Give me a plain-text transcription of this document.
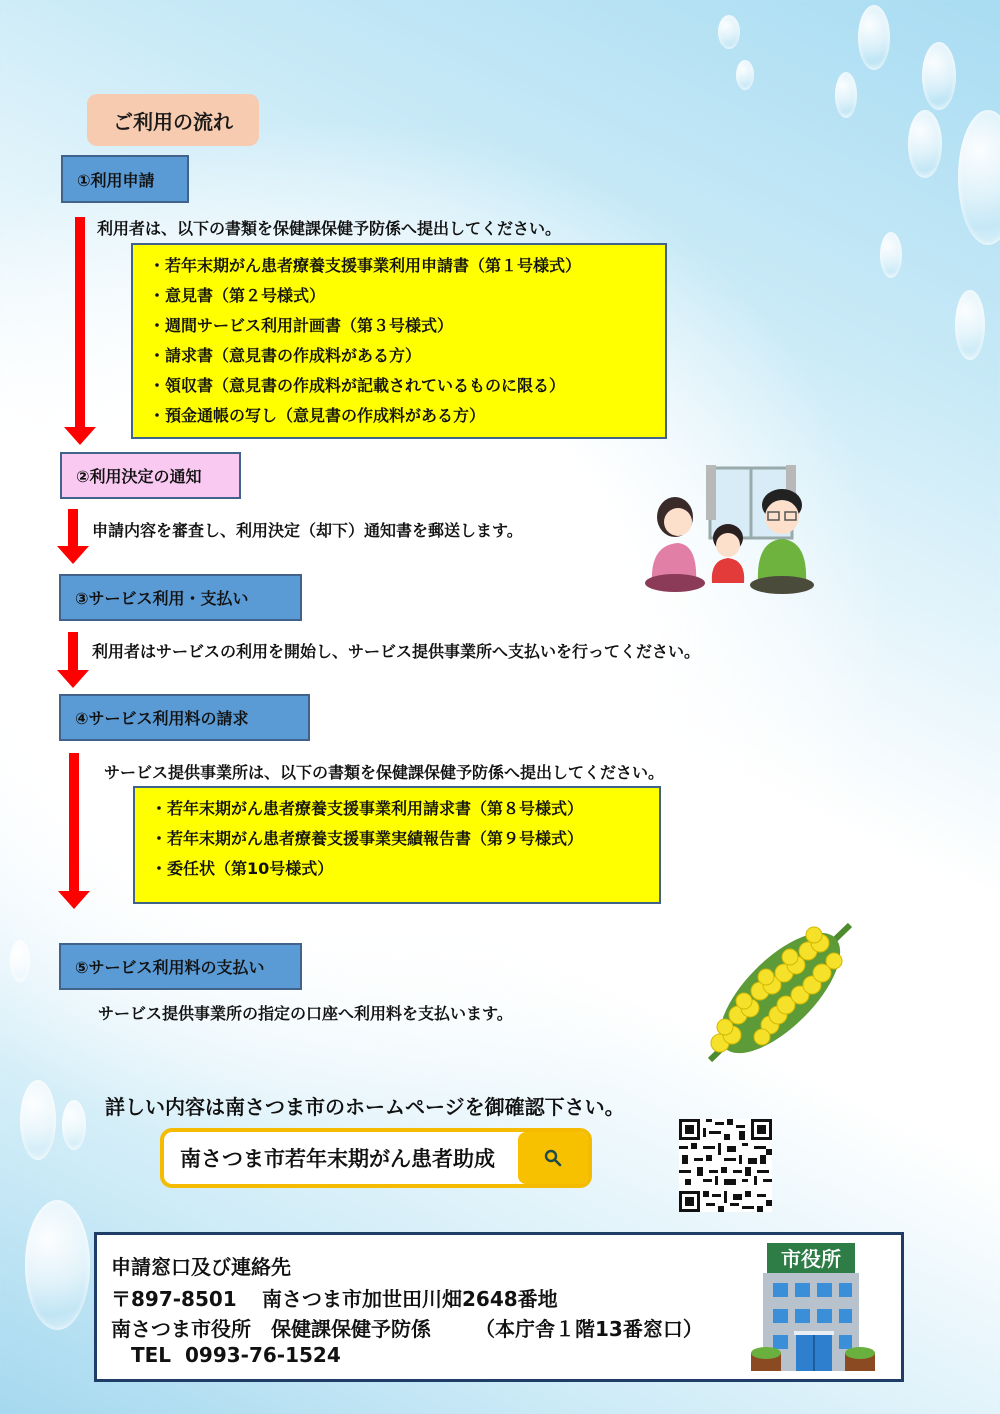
ご利用の流れ
①利用申請
利用者は、以下の書類を保健課保健予防係へ提出してください。
・若年末期がん患者療養支援事業利用申請書（第１号様式）
・意見書（第２号様式）
・週間サービス利用計画書（第３号様式）
・請求書（意見書の作成料がある方）
・領収書（意見書の作成料が記載されているものに限る）
・預金通帳の写し（意見書の作成料がある方）
②利用決定の通知
申請内容を審査し、利用決定（却下）通知書を郵送します。
③サービス利用・支払い
利用者はサービスの利用を開始し、サービス提供事業所へ支払いを行ってください。
④サービス利用料の請求
サービス提供事業所は、以下の書類を保健課保健予防係へ提出してください。
・若年末期がん患者療養支援事業利用請求書（第８号様式）
・若年末期がん患者療養支援事業実績報告書（第９号様式）
・委任状（第10号様式）
⑤サービス利用料の支払い
サービス提供事業所の指定の口座へ利用料を支払います。
詳しい内容は南さつま市のホームページを御確認下さい。
南さつま市若年末期がん患者助成
申請窓口及び連絡先
〒897-8501 南さつま市加世田川畑2648番地
南さつま市役所　保健課保健予防係 （本庁舎１階13番窓口）
TEL 0993-76-1524
市役所
